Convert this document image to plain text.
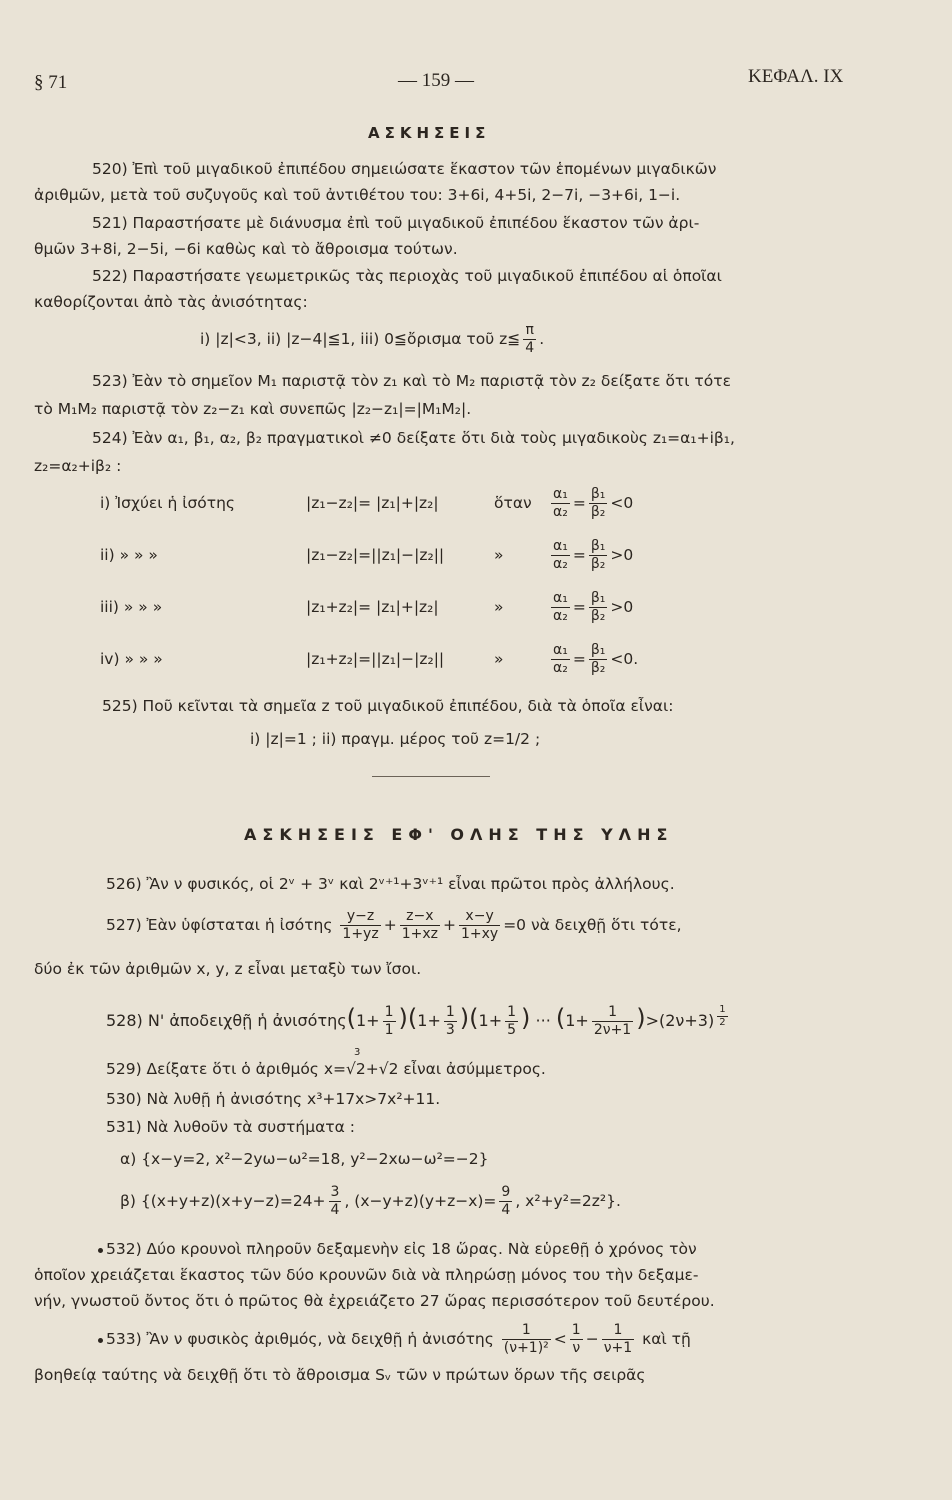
§ 71	— 159 —	ΚΕΦΑΛ. ΙΧ
ΑΣΚΗΣΕΙΣ
520) Ἐπὶ τοῦ μιγαδικοῦ ἐπιπέδου σημειώσατε ἕκαστον τῶν ἑπομένων μιγαδικῶν
ἀριθμῶν, μετὰ τοῦ συζυγοῦς καὶ τοῦ ἀντιθέτου του: 3+6i, 4+5i, 2−7i, −3+6i, 1−i.
521) Παραστήσατε μὲ διάνυσμα ἐπὶ τοῦ μιγαδικοῦ ἐπιπέδου ἕκαστον τῶν ἀρι-
θμῶν 3+8i, 2−5i, −6i καθὼς καὶ τὸ ἄθροισμα τούτων.
522) Παραστήσατε γεωμετρικῶς τὰς περιοχὰς τοῦ μιγαδικοῦ ἐπιπέδου αἱ ὁποῖαι
καθορίζονται ἀπὸ τὰς ἀνισότητας:
i) |z|<3, ii) |z−4|≦1, iii) 0≦ὄρισμα τοῦ z≦ $\frac{\pi}{4}$ .
523) Ἐὰν τὸ σημεῖον M₁ παριστᾷ τὸν z₁ καὶ τὸ M₂ παριστᾷ τὸν z₂ δείξατε ὅτι τότε
τὸ M₁M₂ παριστᾷ τὸν z₂−z₁ καὶ συνεπῶς |z₂−z₁|=|M₁M₂|.
524) Ἐὰν α₁, β₁, α₂, β₂ πραγματικοὶ ≠0 δείξατε ὅτι διὰ τοὺς μιγαδικοὺς z₁=α₁+iβ₁,
z₂=α₂+iβ₂ :
i) Ἰσχύει ἡ ἰσότης	|z₁−z₂|= |z₁|+|z₂|	ὅταν $\frac{\text{α₁}}{\text{α₂}} = \frac{\text{β₁}}{\text{β₂}} <0$
ii) » » »	|z₁−z₂|=||z₁|−|z₂||	»	$\frac{\text{α₁}}{\text{α₂}} = \frac{\text{β₁}}{\text{β₂}} >0$
iii) » » »	|z₁+z₂|= |z₁|+|z₂|	»	$\frac{\text{α₁}}{\text{α₂}} = \frac{\text{β₁}}{\text{β₂}} >0$
iv) » » »	|z₁+z₂|=||z₁|−|z₂||	»	$\frac{\text{α₁}}{\text{α₂}} = \frac{\text{β₁}}{\text{β₂}} <0$.
525) Ποῦ κεῖνται τὰ σημεῖα z τοῦ μιγαδικοῦ ἐπιπέδου, διὰ τὰ ὁποῖα εἶναι:
i) |z|=1 ; ii) πραγμ. μέρος τοῦ z=1/2 ;
ΑΣΚΗΣΕΙΣ ΕΦ' ΟΛΗΣ ΤΗΣ ΥΛΗΣ
526) Ἂν ν φυσικός, οἱ 2ᵛ + 3ᵛ καὶ 2ᵛ⁺¹+3ᵛ⁺¹ εἶναι πρῶτοι πρὸς ἀλλήλους.
527) Ἐὰν ὑφίσταται ἡ ἰσότης $\frac{y-z}{1+yz} + \frac{z-x}{1+xz} + \frac{x-y}{1+xy} =0$ νὰ δειχθῇ ὅτι τότε,
δύο ἐκ τῶν ἀριθμῶν x, y, z εἶναι μεταξὺ των ἴσοι.
528) Ν' ἀποδειχθῇ ἡ ἀνισότης(1+ $\frac{1}{1} )(1+ \frac{1}{3} )(1+ \frac{1}{5}$ ) ··· $(1+ \frac{1}{2\nu+1} )>(2\nu+3) \frac{1}{2}$
3
529) Δείξατε ὅτι ὁ ἀριθμός x=√2+√2 εἶναι ἀσύμμετρος.
530) Νὰ λυθῇ ἡ ἀνισότης x³+17x>7x²+11.
531) Νὰ λυθοῦν τὰ συστήματα :
α) {x−y=2, x²−2yω−ω²=18, y²−2xω−ω²=−2}
β) {$(x+y+z)(x+y-z)=24+ \frac{3}{4}$ , $(x-y+z)(y+z-x)= \frac{9}{4}$ , x²+y²=2z²}.
532) Δύο κρουνοὶ πληροῦν δεξαμενὴν εἰς 18 ὥρας. Νὰ εὑρεθῇ ὁ χρόνος τὸν
ὁποῖον χρειάζεται ἕκαστος τῶν δύο κρουνῶν διὰ νὰ πληρώσῃ μόνος του τὴν δεξαμε-
νήν, γνωστοῦ ὄντος ὅτι ὁ πρῶτος θὰ ἐχρειάζετο 27 ὥρας περισσότερον τοῦ δευτέρου.
533) Ἂν ν φυσικὸς ἀριθμός, νὰ δειχθῇ ἡ ἀνισότης $\frac{1}{\text{(ν+1)²}} < \frac{1}{\nu} - \frac{1}{\nu+1}$ καὶ τῇ
βοηθείᾳ ταύτης νὰ δειχθῇ ὅτι τὸ ἄθροισμα Sᵥ τῶν ν πρώτων ὅρων τῆς σειρᾶς
